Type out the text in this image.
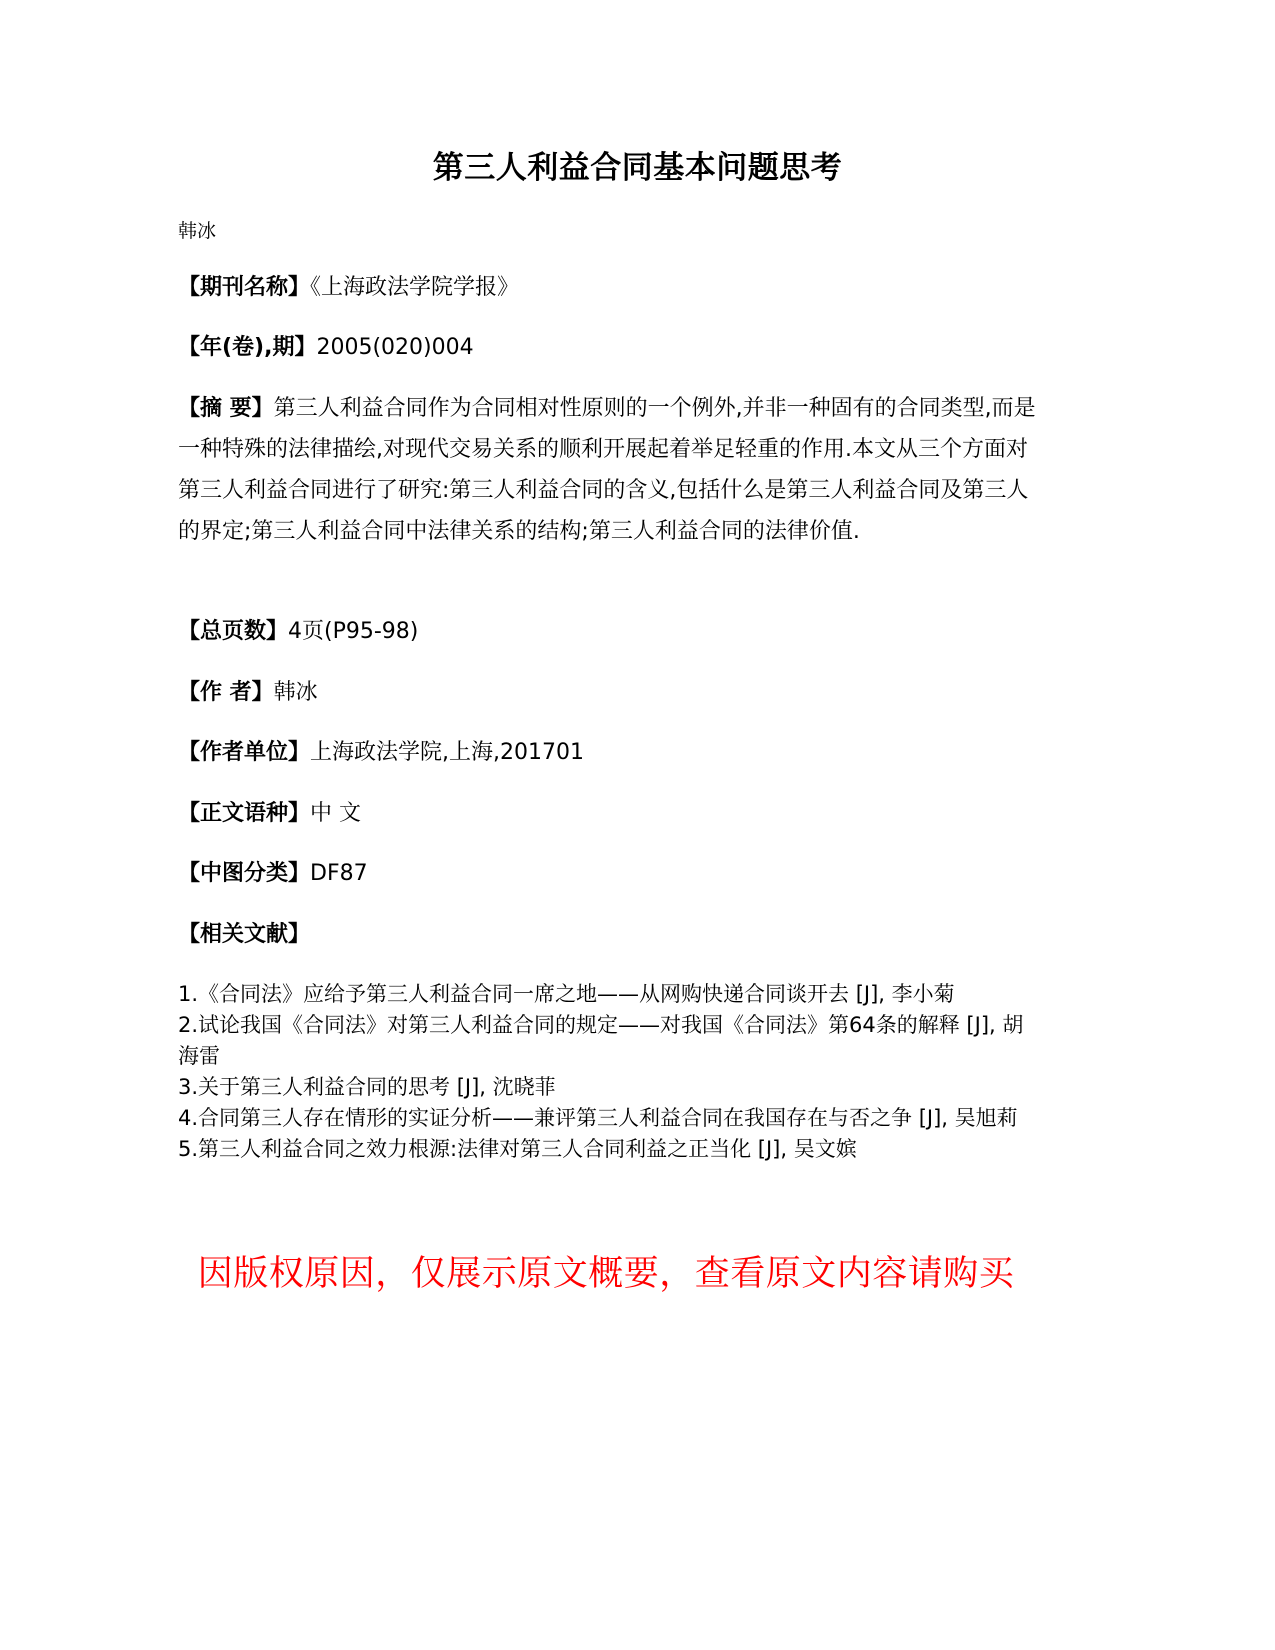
第三人利益合同基本问题思考
韩冰
【期刊名称】《上海政法学院学报》
【年(卷),期】2005(020)004
【摘 要】第三人利益合同作为合同相对性原则的一个例外,并非一种固有的合同类型,而是一种特殊的法律描绘,对现代交易关系的顺利开展起着举足轻重的作用.本文从三个方面对第三人利益合同进行了研究:第三人利益合同的含义,包括什么是第三人利益合同及第三人的界定;第三人利益合同中法律关系的结构;第三人利益合同的法律价值.
【总页数】4页(P95-98)
【作 者】韩冰
【作者单位】上海政法学院,上海,201701
【正文语种】中 文
【中图分类】DF87
【相关文献】
1.《合同法》应给予第三人利益合同一席之地——从网购快递合同谈开去 [J], 李小菊
2.试论我国《合同法》对第三人利益合同的规定——对我国《合同法》第64条的解释 [J], 胡海雷
3.关于第三人利益合同的思考 [J], 沈晓菲
4.合同第三人存在情形的实证分析——兼评第三人利益合同在我国存在与否之争 [J], 吴旭莉
5.第三人利益合同之效力根源:法律对第三人合同利益之正当化 [J], 吴文嫔
因版权原因，仅展示原文概要，查看原文内容请购买
